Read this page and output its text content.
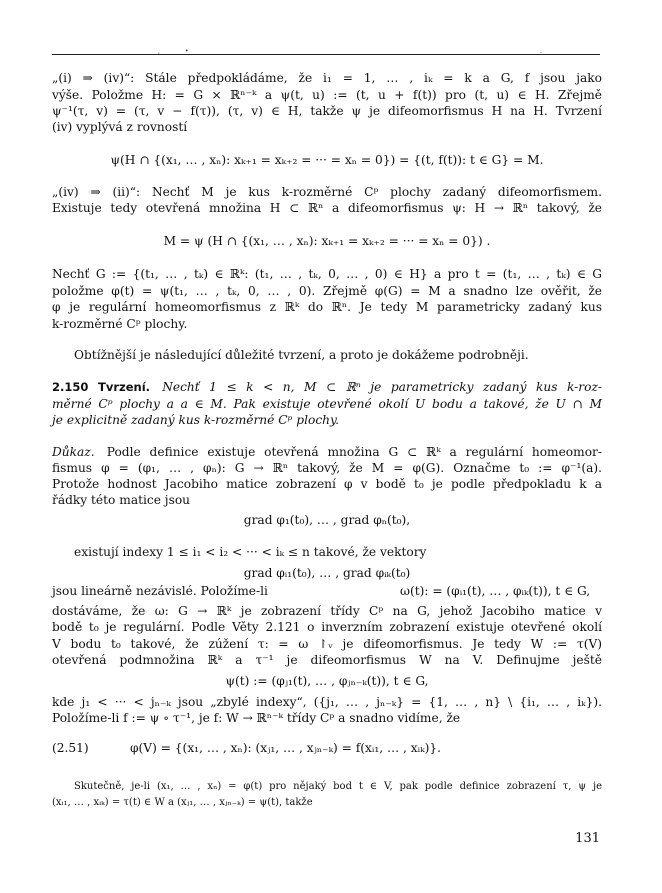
,	•	.
„(i) ⇒ (iv)“: Stále předpokládáme, že i₁ = 1, … , iₖ = k a G, f jsou jako
výše. Položme H: = G × ℝⁿ⁻ᵏ a ψ(t, u) := (t, u + f(t)) pro (t, u) ∈ H. Zřejmě
ψ⁻¹(τ, v) = (τ, v − f(τ)), (τ, v) ∈ H, takže ψ je difeomorfismus H na H. Tvrzení
(iv) vyplývá z rovností
ψ(H ∩ {(x₁, … , xₙ): xₖ₊₁ = xₖ₊₂ = ··· = xₙ = 0}) = {(t, f(t)): t ∈ G} = M.
„(iv) ⇒ (ii)“: Nechť M je kus k-rozměrné Cᵖ plochy zadaný difeomorfismem.
Existuje tedy otevřená množina H ⊂ ℝⁿ a difeomorfismus ψ: H → ℝⁿ takový, že
M = ψ (H ∩ {(x₁, … , xₙ): xₖ₊₁ = xₖ₊₂ = ··· = xₙ = 0}) .
Nechť G := {(t₁, … , tₖ) ∈ ℝᵏ: (t₁, … , tₖ, 0, … , 0) ∈ H} a pro t = (t₁, … , tₖ) ∈ G
položme φ(t) = ψ(t₁, … , tₖ, 0, … , 0). Zřejmě φ(G) = M a snadno lze ověřit, že
φ je regulární homeomorfismus z ℝᵏ do ℝⁿ. Je tedy M parametricky zadaný kus
k-rozměrné Cᵖ plochy.
Obtížnější je následující důležité tvrzení, a proto je dokážeme podrobněji.
2.150 Tvrzení.  Nechť 1 ≤ k < n, M ⊂ ℝⁿ je parametricky zadaný kus k-roz-
měrné Cᵖ plochy a a ∈ M. Pak existuje otevřené okolí U bodu a takové, že U ∩ M
je explicitně zadaný kus k-rozměrné Cᵖ plochy.
Důkaz.  Podle definice existuje otevřená množina G ⊂ ℝᵏ a regulární homeomor-
fismus φ = (φ₁, … , φₙ): G → ℝⁿ takový, že M = φ(G). Označme t₀ := φ⁻¹(a).
Protože hodnost Jacobiho matice zobrazení φ v bodě t₀ je podle předpokladu k a
řádky této matice jsou
grad φ₁(t₀), … , grad φₙ(t₀),
existují indexy 1 ≤ i₁ < i₂ < ··· < iₖ ≤ n takové, že vektory
grad φᵢ₁(t₀), … , grad φᵢₖ(t₀)
jsou lineárně nezávislé. Položíme-li	ω(t): = (φᵢ₁(t), … , φᵢₖ(t)), t ∈ G,
dostáváme, že ω: G → ℝᵏ je zobrazení třídy Cᵖ na G, jehož Jacobiho matice v
bodě t₀ je regulární. Podle Věty 2.121 o inverzním zobrazení existuje otevřené okolí
V bodu t₀ takové, že zúžení τ: = ω ↾ᵥ je difeomorfismus. Je tedy W := τ(V)
otevřená podmnožina ℝᵏ a τ⁻¹ je difeomorfismus W na V. Definujme ještě
ψ(t) := (φⱼ₁(t), … , φⱼₙ₋ₖ(t)), t ∈ G,
kde j₁ < ··· < jₙ₋ₖ jsou „zbylé indexy“, ({j₁, … , jₙ₋ₖ} = {1, … , n} \ {i₁, … , iₖ}).
Položíme-li f := ψ ∘ τ⁻¹, je f: W → ℝⁿ⁻ᵏ třídy Cᵖ a snadno vidíme, že
(2.51)	φ(V) = {(x₁, … , xₙ): (xⱼ₁, … , xⱼₙ₋ₖ) = f(xᵢ₁, … , xᵢₖ)}.
Skutečně, je-li (x₁, … , xₙ) = φ(t) pro nějaký bod t ∈ V, pak podle definice zobrazení τ, ψ je
(xᵢ₁, … , xᵢₖ) = τ(t) ∈ W a (xⱼ₁, … , xⱼₙ₋ₖ) = ψ(t), takže
131
